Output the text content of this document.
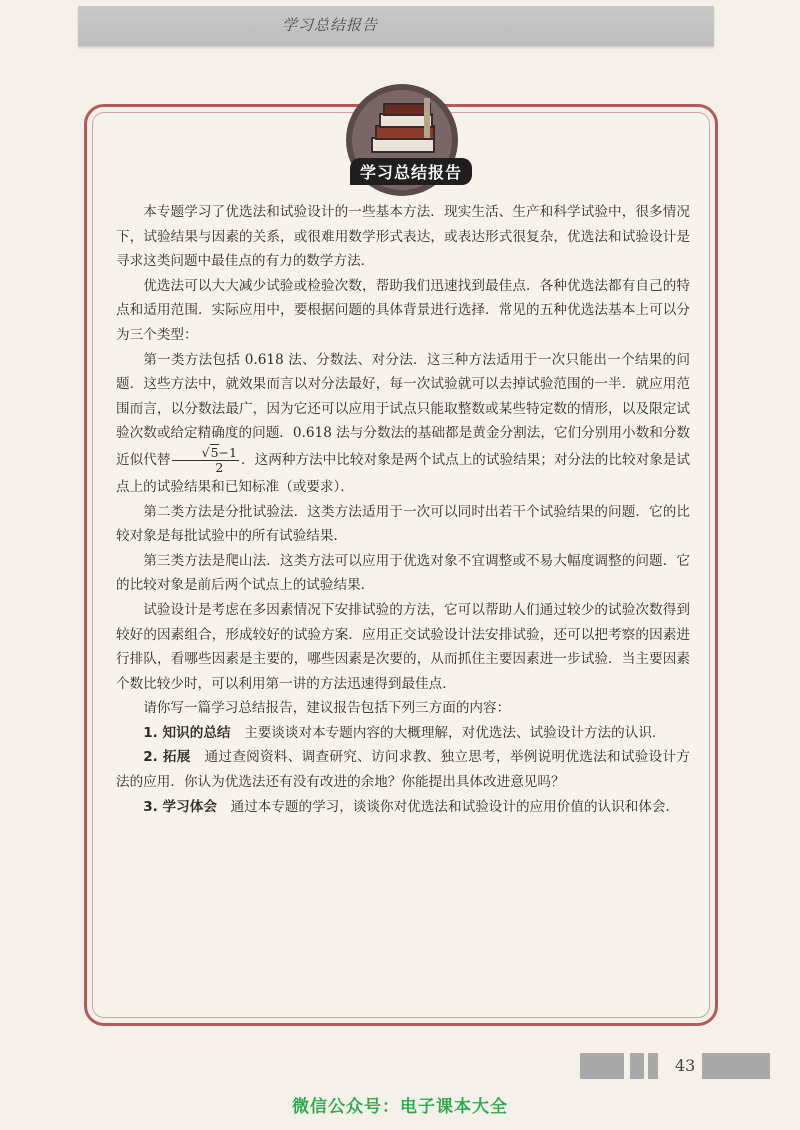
学习总结报告
学习总结报告

本专题学习了优选法和试验设计的一些基本方法．现实生活、生产和科学试验中，很多情况下，试验结果与因素的关系，或很难用数学形式表达，或表达形式很复杂，优选法和试验设计是寻求这类问题中最佳点的有力的数学方法．

优选法可以大大减少试验或检验次数，帮助我们迅速找到最佳点．各种优选法都有自己的特点和适用范围．实际应用中，要根据问题的具体背景进行选择．常见的五种优选法基本上可以分为三个类型：

第一类方法包括 0.618 法、分数法、对分法．这三种方法适用于一次只能出一个结果的问题．这些方法中，就效果而言以对分法最好，每一次试验就可以去掉试验范围的一半．就应用范围而言，以分数法最广，因为它还可以应用于试点只能取整数或某些特定数的情形，以及限定试验次数或给定精确度的问题．0.618 法与分数法的基础都是黄金分割法，它们分别用小数和分数近似代替 $\frac{√5-1}{2}$ ．这两种方法中比较对象是两个试点上的试验结果；对分法的比较对象是试点上的试验结果和已知标准（或要求）．

第二类方法是分批试验法．这类方法适用于一次可以同时出若干个试验结果的问题．它的比较对象是每批试验中的所有试验结果．

第三类方法是爬山法．这类方法可以应用于优选对象不宜调整或不易大幅度调整的问题．它的比较对象是前后两个试点上的试验结果．

试验设计是考虑在多因素情况下安排试验的方法，它可以帮助人们通过较少的试验次数得到较好的因素组合，形成较好的试验方案．应用正交试验设计法安排试验，还可以把考察的因素进行排队，看哪些因素是主要的，哪些因素是次要的，从而抓住主要因素进一步试验．当主要因素个数比较少时，可以利用第一讲的方法迅速得到最佳点．

请你写一篇学习总结报告，建议报告包括下列三方面的内容：

1. 知识的总结　 主要谈谈对本专题内容的大概理解，对优选法、试验设计方法的认识．

2. 拓展　 通过查阅资料、调查研究、访问求教、独立思考，举例说明优选法和试验设计方法的应用．你认为优选法还有没有改进的余地？你能提出具体改进意见吗？

3. 学习体会　 通过本专题的学习，谈谈你对优选法和试验设计的应用价值的认识和体会．

43
微信公众号：电子课本大全
